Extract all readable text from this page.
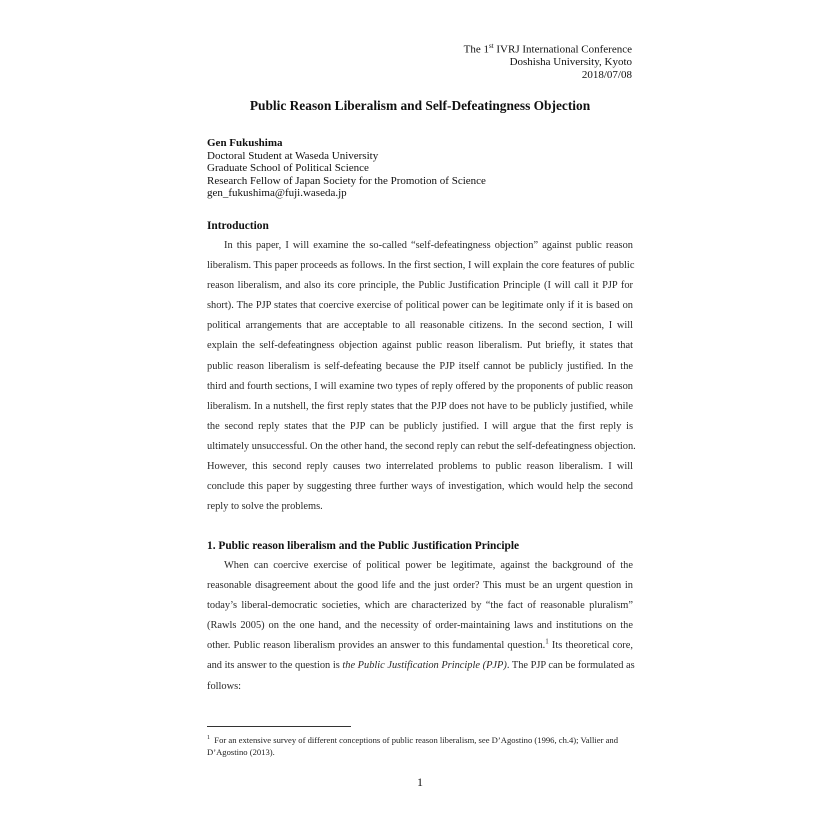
The 1st IVRJ International Conference
Doshisha University, Kyoto
2018/07/08
Public Reason Liberalism and Self-Defeatingness Objection
Gen Fukushima
Doctoral Student at Waseda University
Graduate School of Political Science
Research Fellow of Japan Society for the Promotion of Science
gen_fukushima@fuji.waseda.jp
Introduction
In this paper, I will examine the so-called “self-defeatingness objection” against public reason
liberalism. This paper proceeds as follows. In the first section, I will explain the core features of public
reason liberalism, and also its core principle, the Public Justification Principle (I will call it PJP for
short). The PJP states that coercive exercise of political power can be legitimate only if it is based on
political arrangements that are acceptable to all reasonable citizens. In the second section, I will
explain the self-defeatingness objection against public reason liberalism. Put briefly, it states that
public reason liberalism is self-defeating because the PJP itself cannot be publicly justified. In the
third and fourth sections, I will examine two types of reply offered by the proponents of public reason
liberalism. In a nutshell, the first reply states that the PJP does not have to be publicly justified, while
the second reply states that the PJP can be publicly justified. I will argue that the first reply is
ultimately unsuccessful. On the other hand, the second reply can rebut the self-defeatingness objection.
However, this second reply causes two interrelated problems to public reason liberalism. I will
conclude this paper by suggesting three further ways of investigation, which would help the second
reply to solve the problems.
1. Public reason liberalism and the Public Justification Principle
When can coercive exercise of political power be legitimate, against the background of the
reasonable disagreement about the good life and the just order? This must be an urgent question in
today’s liberal-democratic societies, which are characterized by “the fact of reasonable pluralism”
(Rawls 2005) on the one hand, and the necessity of order-maintaining laws and institutions on the
other. Public reason liberalism provides an answer to this fundamental question.$^1$ Its theoretical core,
and its answer to the question is the Public Justification Principle (PJP). The PJP can be formulated as
follows:
$^1$ For an extensive survey of different conceptions of public reason liberalism, see D’Agostino (1996, ch.4); Vallier and
D’Agostino (2013).
1
